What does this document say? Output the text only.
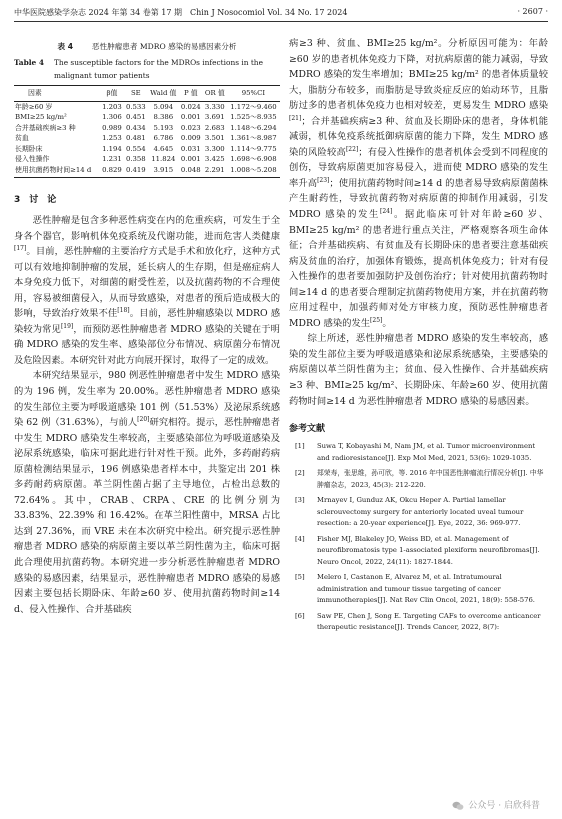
中华医院感染学杂志 2024 年第 34 卷第 17 期　Chin J Nosocomiol Vol. 34 No. 17 2024	· 2607 ·
表 4 恶性肿瘤患者 MDRO 感染的易感因素分析
Table 4	The susceptible factors for the MDROs infections in the malignant tumor patients
因素	β值	SE	Wald 值	P 值	OR 值	95%CI
年龄≥60 岁	1.203	0.533	5.094	0.024	3.330	1.172～9.460
BMI≥25 kg/m²	1.306	0.451	8.386	0.001	3.691	1.525～8.935
合并基础疾病≥3 种	0.989	0.434	5.193	0.023	2.683	1.148～6.294
贫血	1.253	0.481	6.786	0.009	3.501	1.361～8.987
长期卧床	1.194	0.554	4.645	0.031	3.300	1.114～9.775
侵入性操作	1.231	0.358	11.824	0.001	3.425	1.698～6.908
使用抗菌药物时间≥14 d	0.829	0.419	3.915	0.048	2.291	1.008～5.208
3　讨　论

恶性肿瘤是包含多种恶性病变在内的危重疾病，可发生于全身各个器官，影响机体免疫系统及代谢功能，进而危害人类健康[17]。目前，恶性肿瘤的主要治疗方式是手术和放化疗，这种方式可以有效地抑制肿瘤的发展，延长病人的生存期，但是癌症病人本身免疫力低下，对细菌的耐受性差，以及抗菌药物的不合理使用，容易被细菌侵入，从而导致感染，对患者的预后造成极大的影响，导致治疗效果不佳[18]。目前，恶性肿瘤感染以 MDRO 感染较为常见[19]，而预防恶性肿瘤患者 MDRO 感染的关键在于明确 MDRO 感染的发生率、感染部位分布情况、病原菌分布情况及危险因素。本研究针对此方向展开探讨，取得了一定的成效。

本研究结果显示，980 例恶性肿瘤患者中发生 MDRO 感染的为 196 例，发生率为 20.00%。恶性肿瘤患者 MDRO 感染的发生部位主要为呼吸道感染 101 例（51.53%）及泌尿系统感染 62 例（31.63%），与前人[20]研究相符。提示，恶性肿瘤患者中发生 MDRO 感染发生率较高，主要感染部位为呼吸道感染及泌尿系统感染，临床可据此进行针对性干预。此外，多药耐药病原菌检测结果显示，196 例感染患者样本中，共鉴定出 201 株多药耐药病原菌。革兰阴性菌占据了主导地位，占检出总数的 72.64%。其中，CRAB、CRPA、CRE 的比例分别为 33.83%、22.39% 和 16.42%。在革兰阳性菌中，MRSA 占比达到 27.36%，而 VRE 未在本次研究中检出。研究提示恶性肿瘤患者 MDRO 感染的病原菌主要以革兰阴性菌为主，临床可据此合理使用抗菌药物。本研究进一步分析恶性肿瘤患者 MDRO 感染的易感因素，结果显示，恶性肿瘤患者 MDRO 感染的易感因素主要包括长期卧床、年龄≥60 岁、使用抗菌药物时间≥14 d、侵入性操作、合并基础疾

病≥3 种、贫血、BMI≥25 kg/m²。分析原因可能为：年龄≥60 岁的患者机体免疫力下降，对抗病原菌的能力减弱，导致 MDRO 感染的发生率增加；BMI≥25 kg/m² 的患者体质量较大，脂肪分布较多，而脂肪是导致炎症反应的始动环节，且脂肪过多的患者机体免疫力也相对较差，更易发生 MDRO 感染[21]；合并基础疾病≥3 种、贫血及长期卧床的患者，身体机能减弱，机体免疫系统抵御病原菌的能力下降，发生 MDRO 感染的风险较高[22]；有侵入性操作的患者机体会受到不同程度的创伤，导致病原菌更加容易侵入，进而使 MDRO 感染的发生率升高[23]；使用抗菌药物时间≥14 d 的患者易导致病原菌菌株产生耐药性，导致抗菌药物对病原菌的抑制作用减弱，引发 MDRO 感染的发生[24]。据此临床可针对年龄≥60 岁、BMI≥25 kg/m² 的患者进行重点关注，严格观察各项生命体征；合并基础疾病、有贫血及有长期卧床的患者要注意基础疾病及贫血的治疗，加强体育锻炼，提高机体免疫力；针对有侵入性操作的患者要加强防护及创伤治疗；针对使用抗菌药物时间≥14 d 的患者要合理制定抗菌药物使用方案，并在抗菌药物应用过程中，加强药师对处方审核力度，预防恶性肿瘤患者 MDRO 感染的发生[25]。

综上所述，恶性肿瘤患者 MDRO 感染的发生率较高，感染的发生部位主要为呼吸道感染和泌尿系统感染，主要感染的病原菌以革兰阴性菌为主；贫血、侵入性操作、合并基础疾病≥3 种、BMI≥25 kg/m²、长期卧床、年龄≥60 岁、使用抗菌药物时间≥14 d 为恶性肿瘤患者 MDRO 感染的易感因素。

参考文献
[1]	Suwa T, Kobayashi M, Nam JM, et al. Tumor microenvironment and radioresistance[J]. Exp Mol Med, 2021, 53(6): 1029-1035.
[2]	郑荣寿，张思维，孙可欣，等. 2016 年中国恶性肿瘤流行情况分析[J]. 中华肿瘤杂志，2023, 45(3): 212-220.
[3]	Mrnayev I, Gunduz AK, Okcu Heper A. Partial lamellar sclerouvectomy surgery for anteriorly located uveal tumour resection: a 20-year experience[J]. Eye, 2022, 36: 969-977.
[4]	Fisher MJ, Blakeley JO, Weiss BD, et al. Management of neurofibromatosis type 1-associated plexiform neurofibromas[J]. Neuro Oncol, 2022, 24(11): 1827-1844.
[5]	Melero I, Castanon E, Alvarez M, et al. Intratumoural administration and tumour tissue targeting of cancer immunotherapies[J]. Nat Rev Clin Oncol, 2021, 18(9): 558-576.
[6]	Saw PE, Chen J, Song E. Targeting CAFs to overcome anticancer therapeutic resistance[J]. Trends Cancer, 2022, 8(7):
公众号 · 启欣科普
